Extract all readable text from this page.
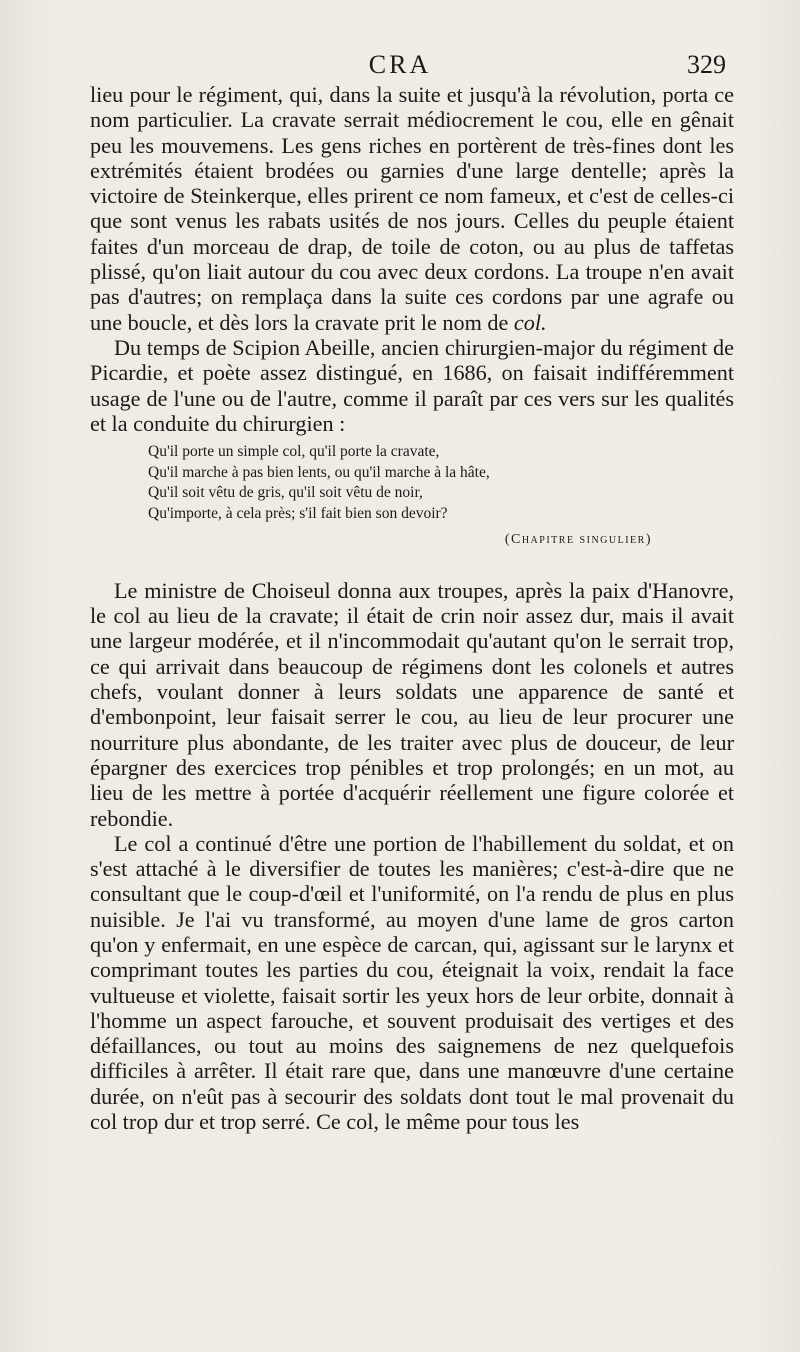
CRA	329

lieu pour le régiment, qui, dans la suite et jusqu'à la révolution, porta ce nom particulier. La cravate serrait médiocrement le cou, elle en gênait peu les mouvemens. Les gens riches en portèrent de très-fines dont les extrémités étaient brodées ou garnies d'une large dentelle; après la victoire de Steinkerque, elles prirent ce nom fameux, et c'est de celles-ci que sont venus les rabats usités de nos jours. Celles du peuple étaient faites d'un morceau de drap, de toile de coton, ou au plus de taffetas plissé, qu'on liait autour du cou avec deux cordons. La troupe n'en avait pas d'autres; on remplaça dans la suite ces cordons par une agrafe ou une boucle, et dès lors la cravate prit le nom de col.

Du temps de Scipion Abeille, ancien chirurgien-major du régiment de Picardie, et poète assez distingué, en 1686, on faisait indifféremment usage de l'une ou de l'autre, comme il paraît par ces vers sur les qualités et la conduite du chirurgien :

Qu'il porte un simple col, qu'il porte la cravate,
Qu'il marche à pas bien lents, ou qu'il marche à la hâte,
Qu'il soit vêtu de gris, qu'il soit vêtu de noir,
Qu'importe, à cela près; s'il fait bien son devoir?
(Chapitre singulier)

Le ministre de Choiseul donna aux troupes, après la paix d'Hanovre, le col au lieu de la cravate; il était de crin noir assez dur, mais il avait une largeur modérée, et il n'incommodait qu'autant qu'on le serrait trop, ce qui arrivait dans beaucoup de régimens dont les colonels et autres chefs, voulant donner à leurs soldats une apparence de santé et d'embonpoint, leur faisait serrer le cou, au lieu de leur procurer une nourriture plus abondante, de les traiter avec plus de douceur, de leur épargner des exercices trop pénibles et trop prolongés; en un mot, au lieu de les mettre à portée d'acquérir réellement une figure colorée et rebondie.

Le col a continué d'être une portion de l'habillement du soldat, et on s'est attaché à le diversifier de toutes les manières; c'est-à-dire que ne consultant que le coup-d'œil et l'uniformité, on l'a rendu de plus en plus nuisible. Je l'ai vu transformé, au moyen d'une lame de gros carton qu'on y enfermait, en une espèce de carcan, qui, agissant sur le larynx et comprimant toutes les parties du cou, éteignait la voix, rendait la face vultueuse et violette, faisait sortir les yeux hors de leur orbite, donnait à l'homme un aspect farouche, et souvent produisait des vertiges et des défaillances, ou tout au moins des saignemens de nez quelquefois difficiles à arrêter. Il était rare que, dans une manœuvre d'une certaine durée, on n'eût pas à secourir des soldats dont tout le mal provenait du col trop dur et trop serré. Ce col, le même pour tous les
